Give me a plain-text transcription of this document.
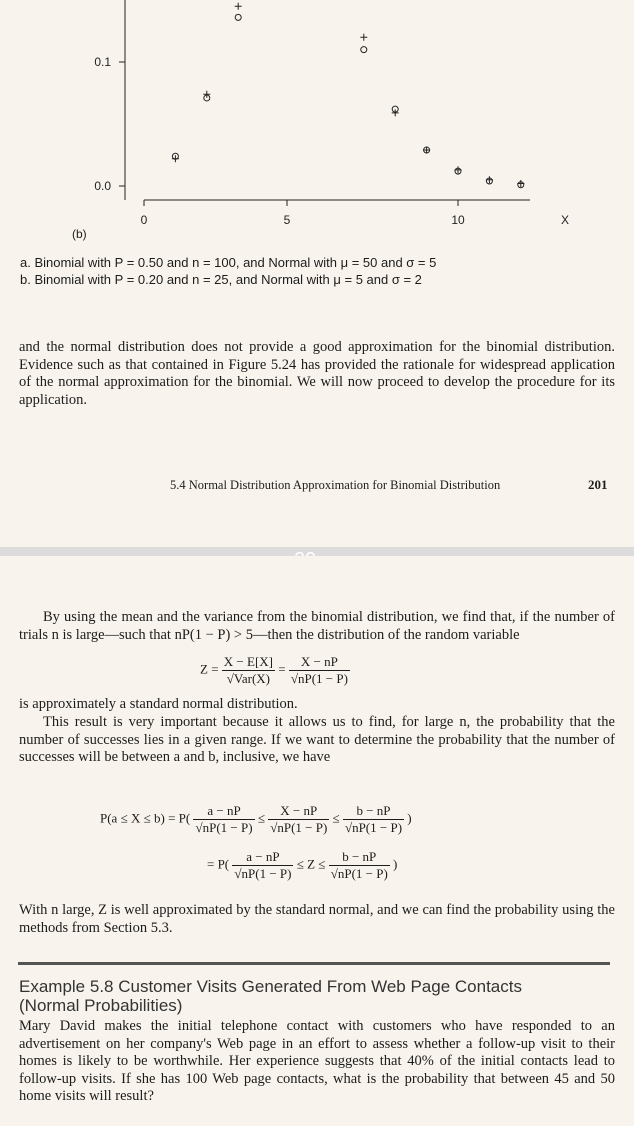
0.1
0.0
0	5	10	X
(b)
a. Binomial with P = 0.50 and n = 100, and Normal with μ = 50 and σ = 5
b. Binomial with P = 0.20 and n = 25, and Normal with μ = 5 and σ = 2
and the normal distribution does not provide a good approximation for the binomial distribution. Evidence such as that contained in Figure 5.24 has provided the rationale for widespread application of the normal approximation for the binomial. We will now proceed to develop the procedure for its application.
5.4 Normal Distribution Approximation for Binomial Distribution	201
By using the mean and the variance from the binomial distribution, we find that, if the number of trials n is large—such that nP(1 − P) > 5—then the distribution of the random variable
$Z = \frac{X - E[X]}{\text{√Var(X)}} = \frac{X - nP}{√nP(1 - P)}$
is approximately a standard normal distribution.
This result is very important because it allows us to find, for large n, the probability that the number of successes lies in a given range. If we want to determine the probability that the number of successes will be between a and b, inclusive, we have
$P(a \le X \le b) = P( \frac{a - nP}{√nP(1 - P)} \le \frac{X - nP}{√nP(1 - P)} \le \frac{b - nP}{√nP(1 - P)}$ )
= $P( \frac{a - nP}{√nP(1 - P)} \le Z \le \frac{b - nP}{√nP(1 - P)}$ )
With n large, Z is well approximated by the standard normal, and we can find the probability using the methods from Section 5.3.
Example 5.8 Customer Visits Generated From Web Page Contacts (Normal Probabilities)
Mary David makes the initial telephone contact with customers who have responded to an advertisement on her company's Web page in an effort to assess whether a follow-up visit to their homes is likely to be worthwhile. Her experience suggests that 40% of the initial contacts lead to follow-up visits. If she has 100 Web page contacts, what is the probability that between 45 and 50 home visits will result?
